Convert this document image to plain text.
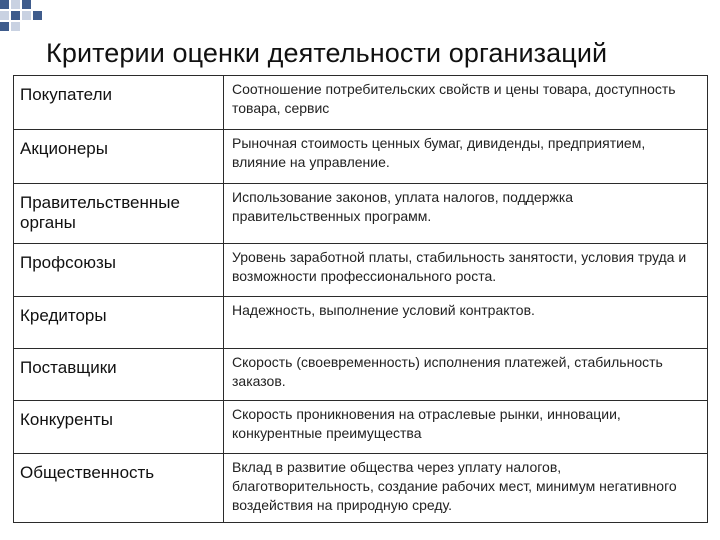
Критерии оценки деятельности организаций
Покупатели	Соотношение потребительских свойств и цены товара, доступность товара, сервис
Акционеры	Рыночная стоимость ценных бумаг, дивиденды, предприятием, влияние на управление.
Правительственные органы	Использование законов, уплата налогов, поддержка правительственных программ.
Профсоюзы	Уровень заработной платы, стабильность занятости, условия труда и возможности профессионального роста.
Кредиторы	Надежность, выполнение условий контрактов.
Поставщики	Скорость (своевременность) исполнения платежей, стабильность заказов.
Конкуренты	Скорость проникновения на отраслевые рынки, инновации, конкурентные преимущества
Общественность	Вклад в развитие общества через уплату налогов, благотворительность, создание рабочих мест, минимум негативного воздействия на природную среду.
